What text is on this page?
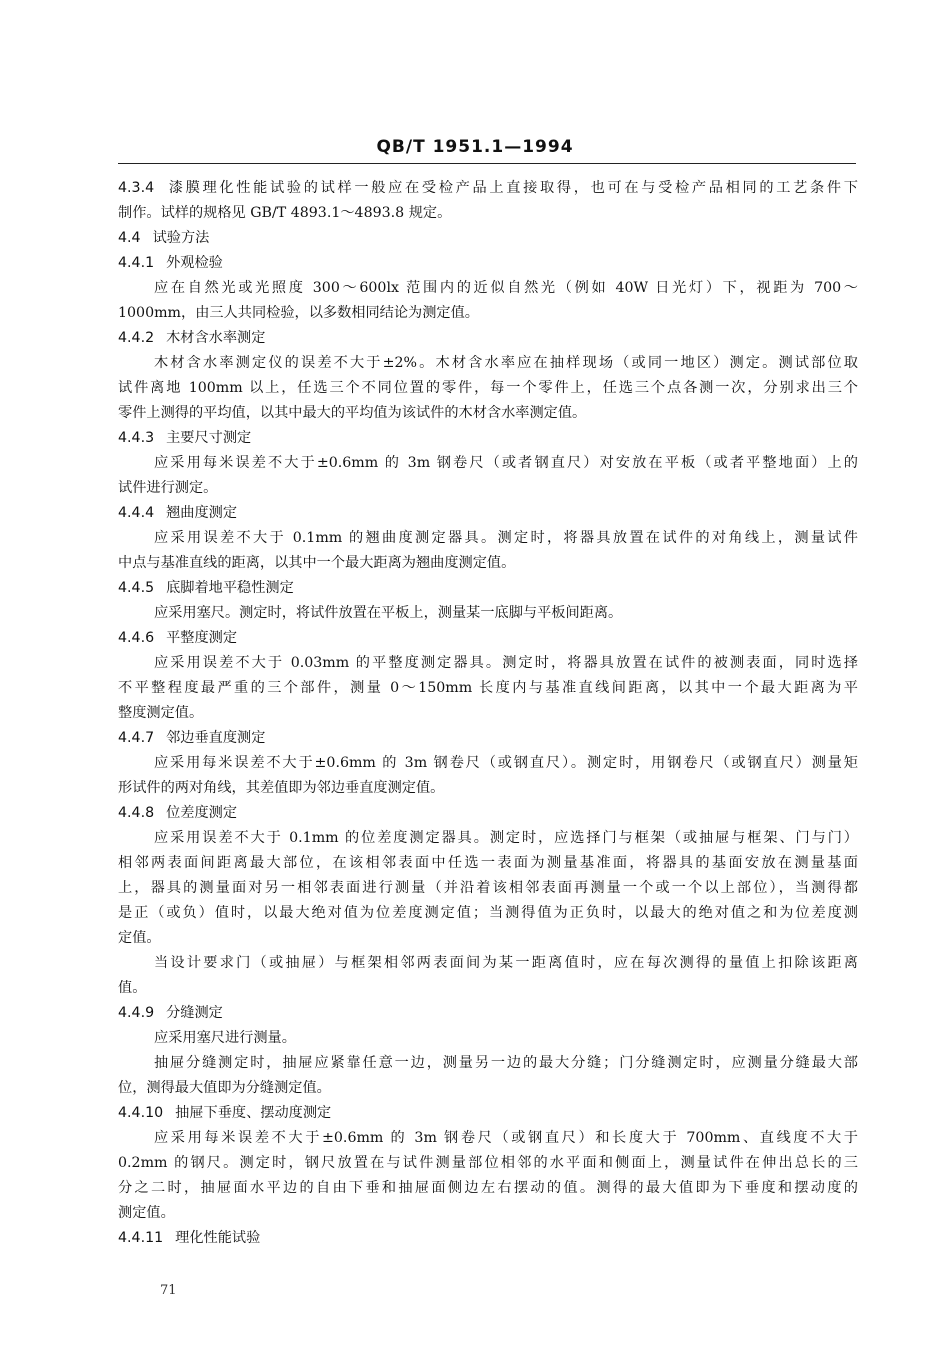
QB/T 1951.1—1994
4.3.4 漆膜理化性能试验的试样一般应在受检产品上直接取得，也可在与受检产品相同的工艺条件下
制作。试样的规格见 GB/T 4893.1～4893.8 规定。
4.4 试验方法
4.4.1 外观检验
应在自然光或光照度 300～600lx 范围内的近似自然光（例如 40W 日光灯）下，视距为 700～
1000mm，由三人共同检验，以多数相同结论为测定值。
4.4.2 木材含水率测定
木材含水率测定仪的误差不大于±2%。木材含水率应在抽样现场（或同一地区）测定。测试部位取
试件离地 100mm 以上，任选三个不同位置的零件，每一个零件上，任选三个点各测一次，分别求出三个
零件上测得的平均值，以其中最大的平均值为该试件的木材含水率测定值。
4.4.3 主要尺寸测定
应采用每米误差不大于±0.6mm 的 3m 钢卷尺（或者钢直尺）对安放在平板（或者平整地面）上的
试件进行测定。
4.4.4 翘曲度测定
应采用误差不大于 0.1mm 的翘曲度测定器具。测定时，将器具放置在试件的对角线上，测量试件
中点与基准直线的距离，以其中一个最大距离为翘曲度测定值。
4.4.5 底脚着地平稳性测定
应采用塞尺。测定时，将试件放置在平板上，测量某一底脚与平板间距离。
4.4.6 平整度测定
应采用误差不大于 0.03mm 的平整度测定器具。测定时，将器具放置在试件的被测表面，同时选择
不平整程度最严重的三个部件，测量 0～150mm 长度内与基准直线间距离，以其中一个最大距离为平
整度测定值。
4.4.7 邻边垂直度测定
应采用每米误差不大于±0.6mm 的 3m 钢卷尺（或钢直尺）。测定时，用钢卷尺（或钢直尺）测量矩
形试件的两对角线，其差值即为邻边垂直度测定值。
4.4.8 位差度测定
应采用误差不大于 0.1mm 的位差度测定器具。测定时，应选择门与框架（或抽屉与框架、门与门）
相邻两表面间距离最大部位，在该相邻表面中任选一表面为测量基准面，将器具的基面安放在测量基面
上，器具的测量面对另一相邻表面进行测量（并沿着该相邻表面再测量一个或一个以上部位），当测得都
是正（或负）值时，以最大绝对值为位差度测定值；当测得值为正负时，以最大的绝对值之和为位差度测
定值。
当设计要求门（或抽屉）与框架相邻两表面间为某一距离值时，应在每次测得的量值上扣除该距离
值。
4.4.9 分缝测定
应采用塞尺进行测量。
抽屉分缝测定时，抽屉应紧靠任意一边，测量另一边的最大分缝；门分缝测定时，应测量分缝最大部
位，测得最大值即为分缝测定值。
4.4.10 抽屉下垂度、摆动度测定
应采用每米误差不大于±0.6mm 的 3m 钢卷尺（或钢直尺）和长度大于 700mm、直线度不大于
0.2mm 的钢尺。测定时，钢尺放置在与试件测量部位相邻的水平面和侧面上，测量试件在伸出总长的三
分之二时，抽屉面水平边的自由下垂和抽屉面侧边左右摆动的值。测得的最大值即为下垂度和摆动度的
测定值。
4.4.11 理化性能试验
71
